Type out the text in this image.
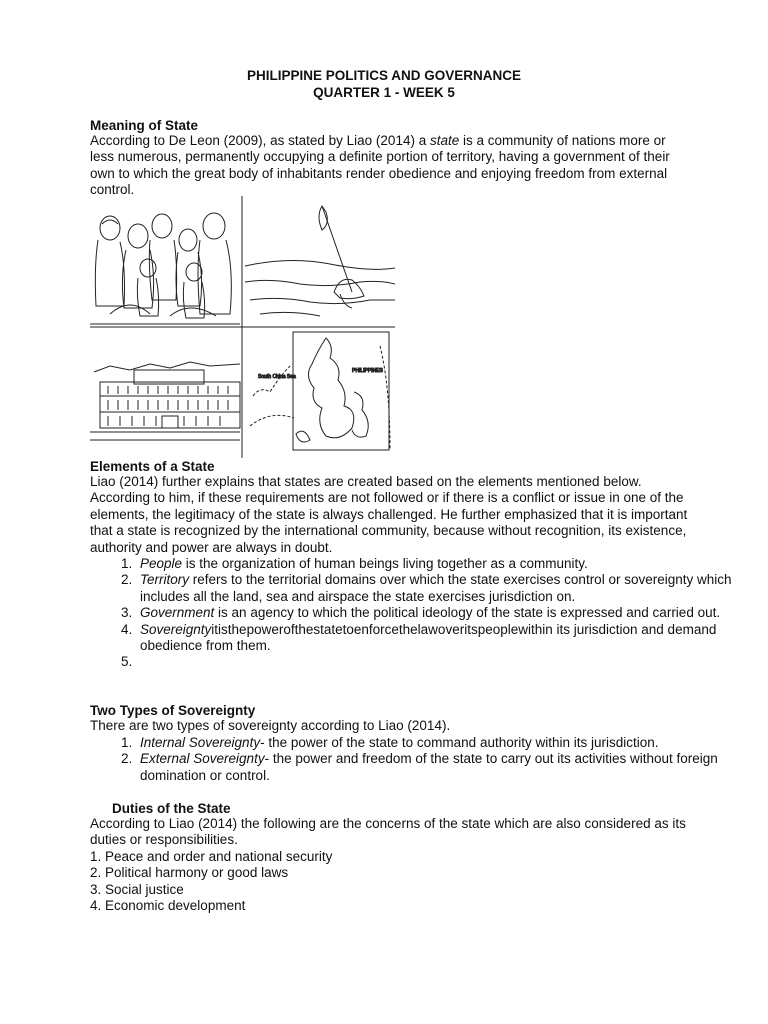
PHILIPPINE POLITICS AND GOVERNANCE
QUARTER 1 - WEEK 5
Meaning of State
According to De Leon (2009), as stated by Liao (2014) a state is a community of nations more or less numerous, permanently occupying a definite portion of territory, having a government of their own to which the great body of inhabitants render obedience and enjoying freedom from external control.
South China Sea
PHILIPPINES
Elements of a State
Liao (2014) further explains that states are created based on the elements mentioned below. According to him, if these requirements are not followed or if there is a conflict or issue in one of the elements, the legitimacy of the state is always challenged. He further emphasized that it is important that a state is recognized by the international community, because without recognition, its existence, authority and power are always in doubt.
1. People is the organization of human beings living together as a community.
2. Territory refers to the territorial domains over which the state exercises control or sovereignty which includes all the land, sea and airspace the state exercises jurisdiction on.
3. Government is an agency to which the political ideology of the state is expressed and carried out.
4. Sovereigntyitisthepowerofthestatetoenforcethelawoveritspeoplewithin its jurisdiction and demand obedience from them.
5.
Two Types of Sovereignty
There are two types of sovereignty according to Liao (2014).
1. Internal Sovereignty- the power of the state to command authority within its jurisdiction.
2. External Sovereignty- the power and freedom of the state to carry out its activities without foreign domination or control.
Duties of the State
According to Liao (2014) the following are the concerns of the state which are also considered as its duties or responsibilities.
1. Peace and order and national security
2. Political harmony or good laws
3. Social justice
4. Economic development
